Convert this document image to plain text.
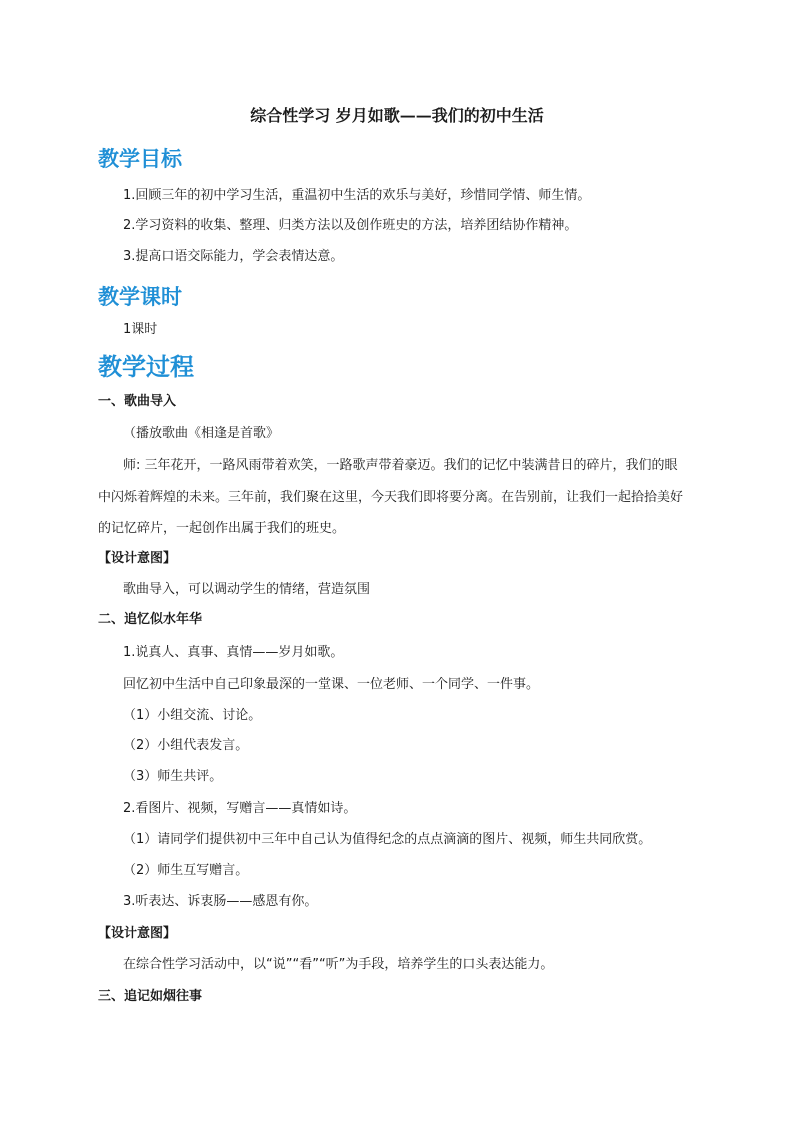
综合性学习 岁月如歌——我们的初中生活
教学目标
1.回顾三年的初中学习生活，重温初中生活的欢乐与美好，珍惜同学情、师生情。
2.学习资料的收集、整理、归类方法以及创作班史的方法，培养团结协作精神。
3.提高口语交际能力，学会表情达意。
教学课时
1课时
教学过程
一、歌曲导入
（播放歌曲《相逢是首歌》
师: 三年花开，一路风雨带着欢笑，一路歌声带着豪迈。我们的记忆中装满昔日的碎片，我们的眼
中闪烁着辉煌的未来。三年前，我们聚在这里，今天我们即将要分离。在告别前，让我们一起拾拾美好
的记忆碎片，一起创作出属于我们的班史。
【设计意图】
歌曲导入，可以调动学生的情绪，营造氛围
二、追忆似水年华
1.说真人、真事、真情——岁月如歌。
回忆初中生活中自己印象最深的一堂课、一位老师、一个同学、一件事。
（1）小组交流、讨论。
（2）小组代表发言。
（3）师生共评。
2.看图片、视频，写赠言——真情如诗。
（1）请同学们提供初中三年中自己认为值得纪念的点点滴滴的图片、视频，师生共同欣赏。
（2）师生互写赠言。
3.听表达、诉衷肠——感恩有你。
【设计意图】
在综合性学习活动中，以“说”“看”“听”为手段，培养学生的口头表达能力。
三、追记如烟往事
